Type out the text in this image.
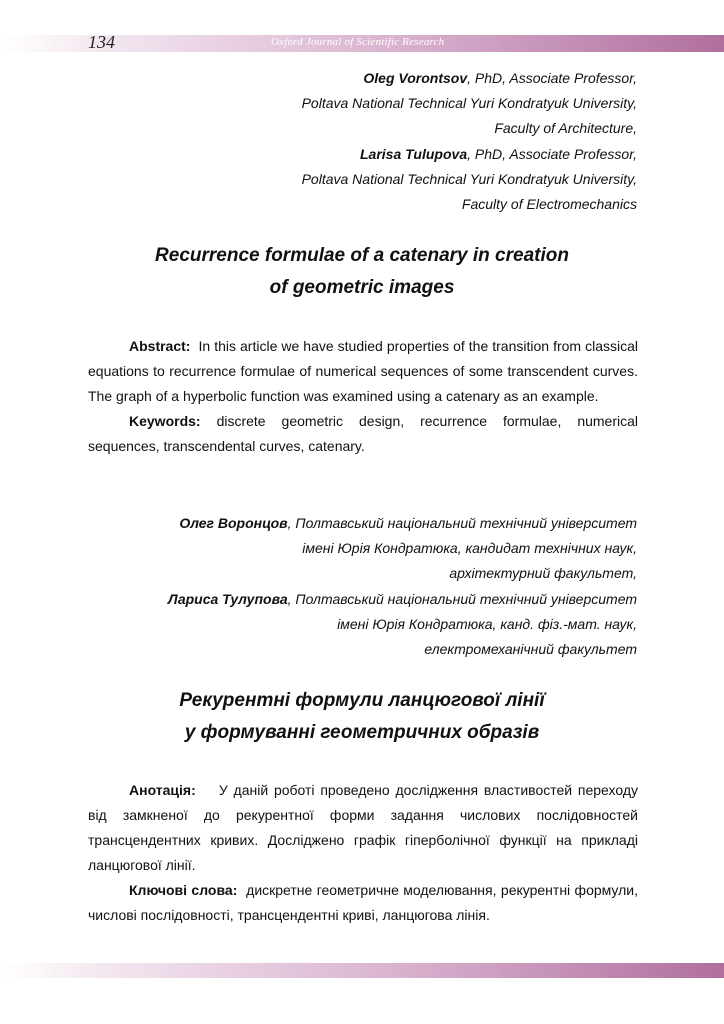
134	Oxford Journal of Scientific Research
Oleg Vorontsov, PhD, Associate Professor,
Poltava National Technical Yuri Kondratyuk University,
Faculty of Architecture,
Larisa Tulupova, PhD, Associate Professor,
Poltava National Technical Yuri Kondratyuk University,
Faculty of Electromechanics
Recurrence formulae of a catenary in creation
of geometric images

Abstract: In this article we have studied properties of the transition from classical equations to recurrence formulae of numerical sequences of some transcendent curves. The graph of a hyperbolic function was examined using a catenary as an example.

Keywords: discrete geometric design, recurrence formulae, numerical sequences, transcendental curves, catenary.

Олег Воронцов, Полтавський національний технічний університет
імені Юрія Кондратюка, кандидат технічних наук,
архітектурний факультет,
Лариса Тулупова, Полтавський національний технічний університет
імені Юрія Кондратюка, канд. фіз.-мат. наук,
електромеханічний факультет
Рекурентні формули ланцюгової лінії
у формуванні геометричних образів

Анотація: У даній роботі проведено дослідження властивостей переходу від замкненої до рекурентної форми задання числових послідовностей трансцендентних кривих. Досліджено графік гіперболічної функції на прикладі ланцюгової лінії.

Ключові слова: дискретне геометричне моделювання, рекурентні формули, числові послідовності, трансцендентні криві, ланцюгова лінія.
